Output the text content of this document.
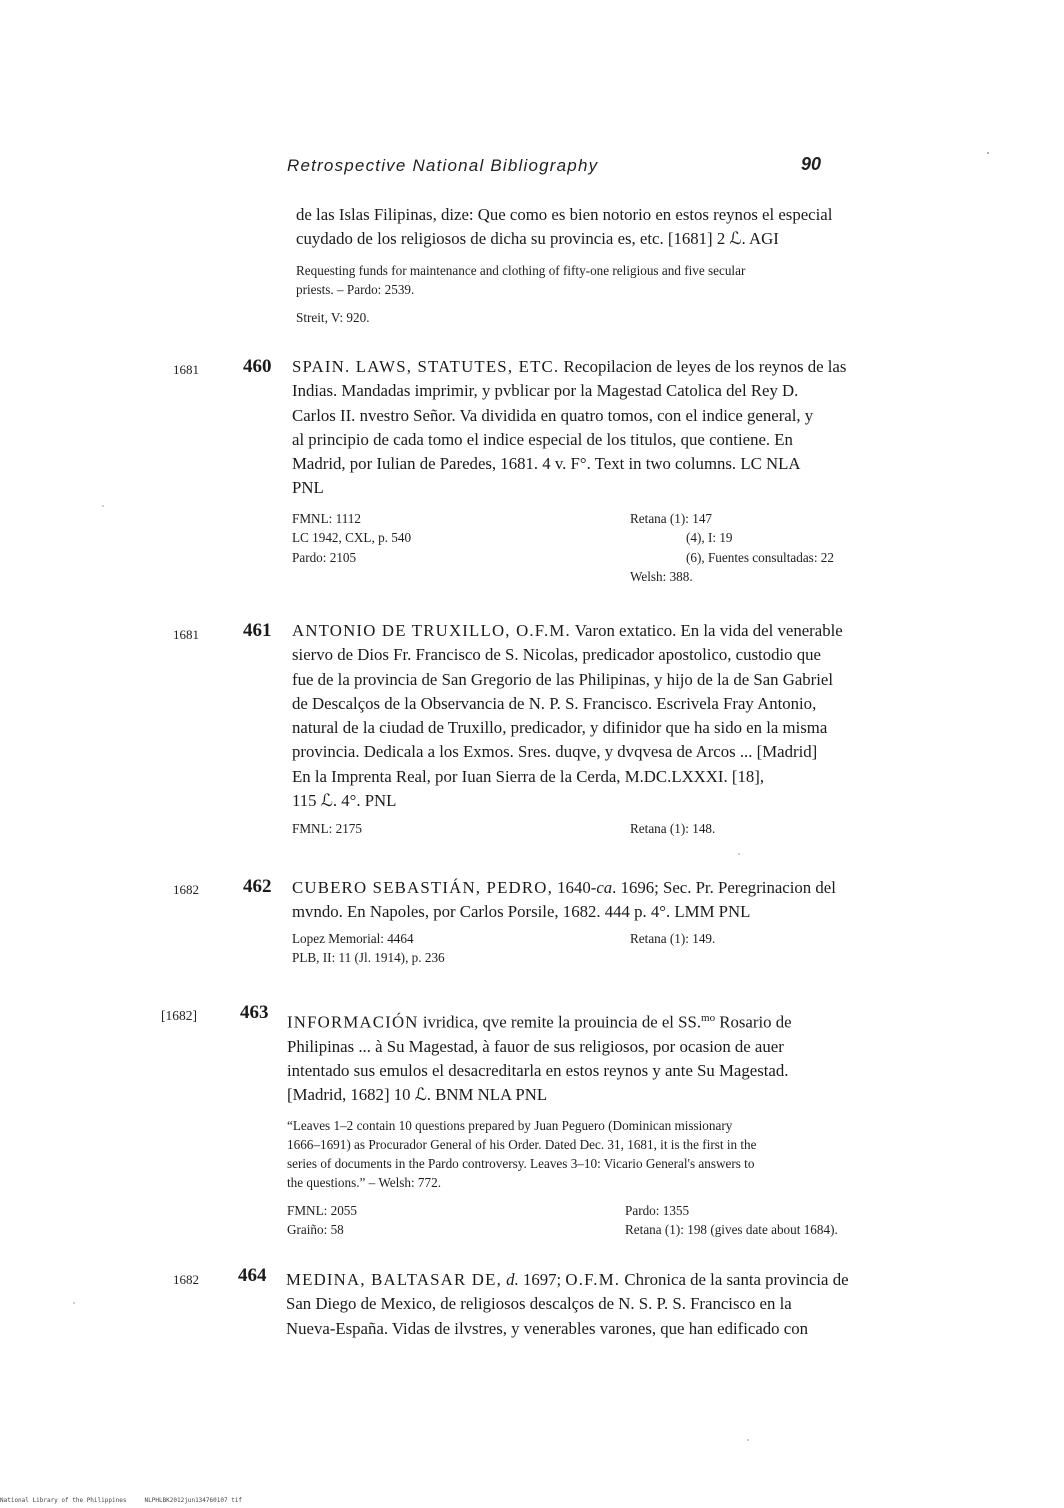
Retrospective National Bibliography	90
de las Islas Filipinas, dize: Que como es bien notorio en estos reynos el especial
cuydado de los religiosos de dicha su provincia es, etc. [1681] 2 ℒ. AGI
Requesting funds for maintenance and clothing of fifty-one religious and five secular
priests. – Pardo: 2539.
Streit, V: 920.
1681 460 SPAIN. LAWS, STATUTES, ETC. Recopilacion de leyes de los reynos de las
Indias. Mandadas imprimir, y pvblicar por la Magestad Catolica del Rey D.
Carlos II. nvestro Señor. Va dividida en quatro tomos, con el indice general, y
al principio de cada tomo el indice especial de los titulos, que contiene. En
Madrid, por Iulian de Paredes, 1681. 4 v. F°. Text in two columns. LC NLA
PNL
FMNL: 1112
LC 1942, CXL, p. 540
Pardo: 2105
Retana (1): 147
(4), I: 19
(6), Fuentes consultadas: 22
Welsh: 388.
1681 461 ANTONIO DE TRUXILLO, O.F.M. Varon extatico. En la vida del venerable
siervo de Dios Fr. Francisco de S. Nicolas, predicador apostolico, custodio que
fue de la provincia de San Gregorio de las Philipinas, y hijo de la de San Gabriel
de Descalços de la Observancia de N. P. S. Francisco. Escrivela Fray Antonio,
natural de la ciudad de Truxillo, predicador, y difinidor que ha sido en la misma
provincia. Dedicala a los Exmos. Sres. duqve, y dvqvesa de Arcos ... [Madrid]
En la Imprenta Real, por Iuan Sierra de la Cerda, M.DC.LXXXI. [18],
115 ℒ. 4°. PNL
FMNL: 2175	Retana (1): 148.
1682 462 CUBERO SEBASTIÁN, PEDRO, 1640-ca. 1696; Sec. Pr. Peregrinacion del
mvndo. En Napoles, por Carlos Porsile, 1682. 444 p. 4°. LMM PNL
Lopez Memorial: 4464
PLB, II: 11 (Jl. 1914), p. 236
Retana (1): 149.
[1682] 463 INFORMACIÓN ivridica, qve remite la prouincia de el SS.$^{mo}$ Rosario de
Philipinas ... à Su Magestad, à fauor de sus religiosos, por ocasion de auer
intentado sus emulos el desacreditarla en estos reynos y ante Su Magestad.
[Madrid, 1682] 10 ℒ. BNM NLA PNL
“Leaves 1–2 contain 10 questions prepared by Juan Peguero (Dominican missionary
1666–1691) as Procurador General of his Order. Dated Dec. 31, 1681, it is the first in the
series of documents in the Pardo controversy. Leaves 3–10: Vicario General's answers to
the questions.” – Welsh: 772.
FMNL: 2055
Graiño: 58
Pardo: 1355
Retana (1): 198 (gives date about 1684).
1682 464 MEDINA, BALTASAR DE, d. 1697; O.F.M. Chronica de la santa provincia de
San Diego de Mexico, de religiosos descalços de N. S. P. S. Francisco en la
Nueva-España. Vidas de ilvstres, y venerables varones, que han edificado con
National Library of the Philippines     NLPHLBK2012jun134760107 tif
